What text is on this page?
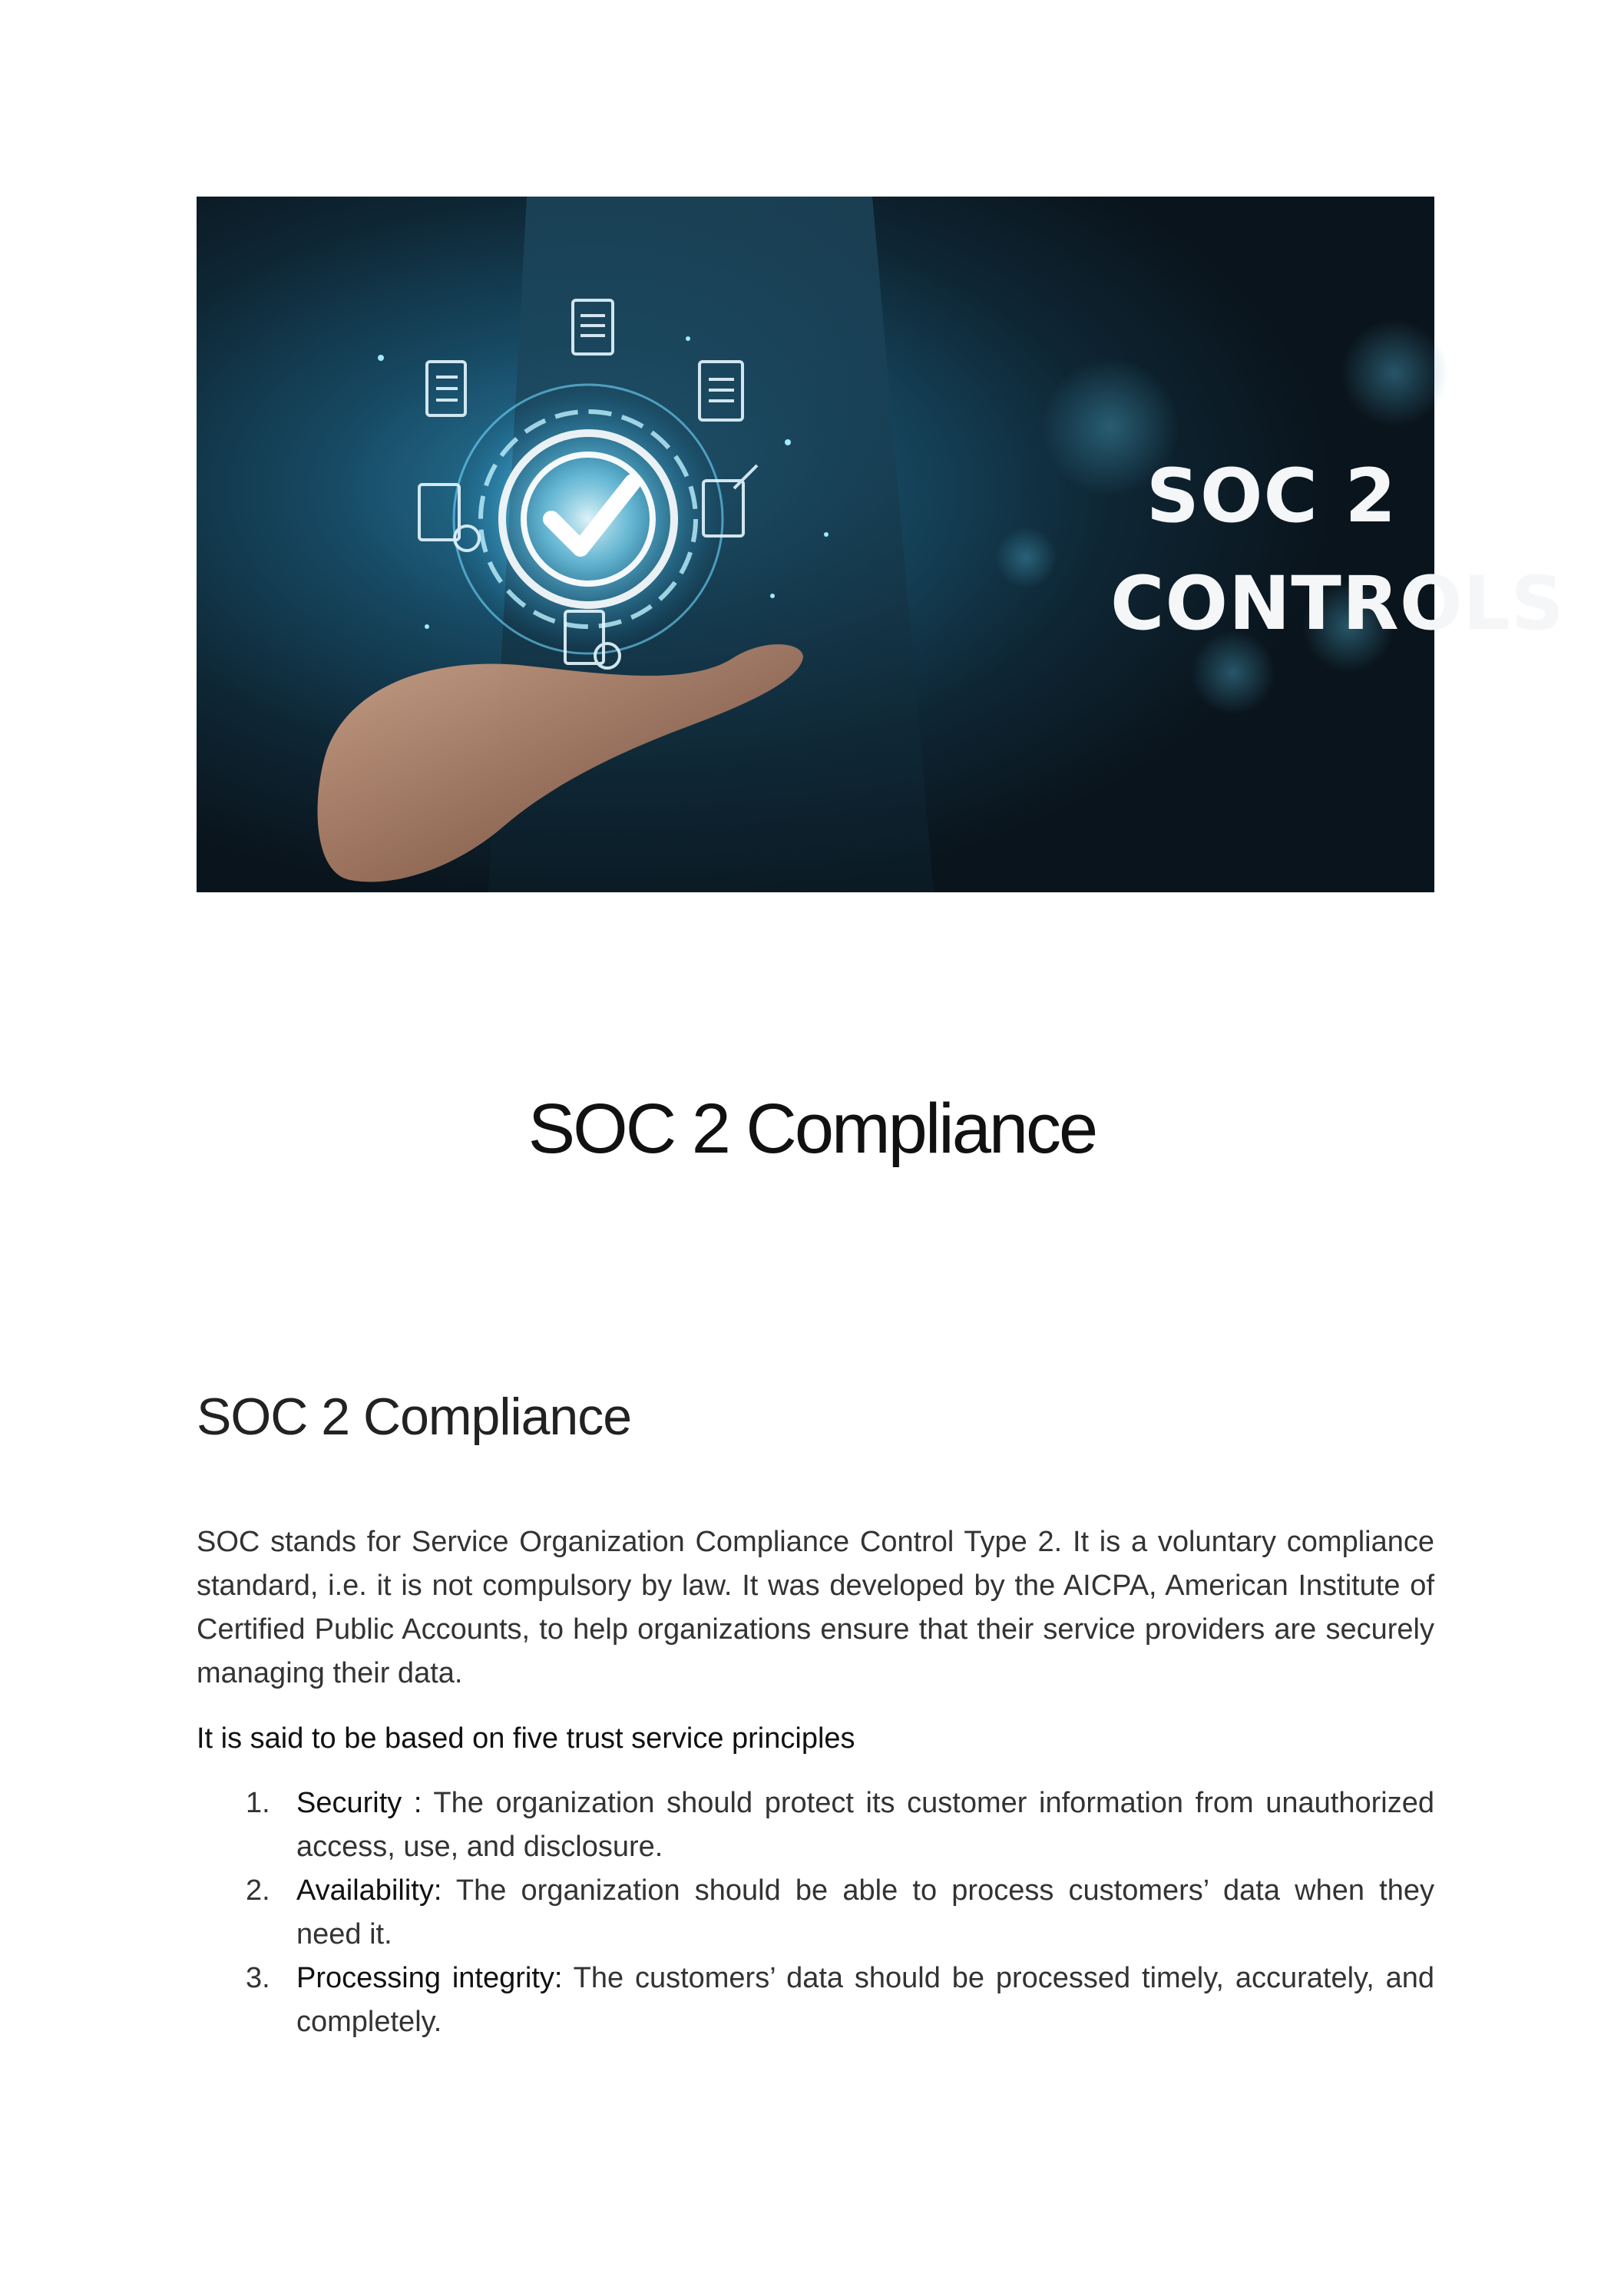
SOC 2
CONTROLS
SOC 2 Compliance
SOC 2 Compliance

SOC stands for Service Organization Compliance Control Type 2. It is a voluntary compliance standard, i.e. it is not compulsory by law. It was developed by the AICPA, American Institute of Certified Public Accounts, to help organizations ensure that their service providers are securely managing their data.

It is said to be based on five trust service principles

1. Security : The organization should protect its customer information from unauthorized access, use, and disclosure.
2. Availability: The organization should be able to process customers’ data when they need it.
3. Processing integrity: The customers’ data should be processed timely, accurately, and completely.
